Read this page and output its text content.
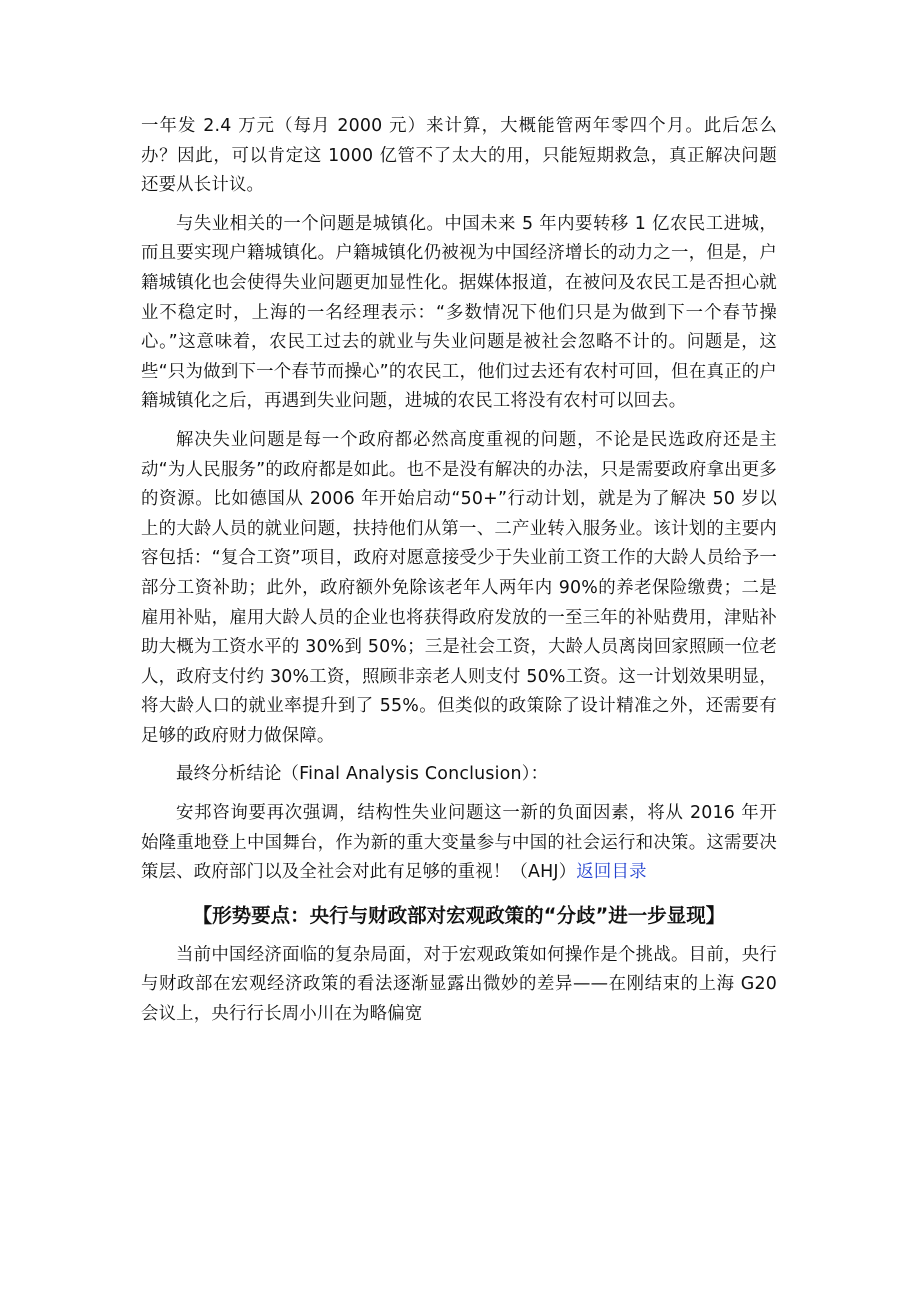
一年发 2.4 万元（每月 2000 元）来计算，大概能管两年零四个月。此后怎么办？因此，可以肯定这 1000 亿管不了太大的用，只能短期救急，真正解决问题还要从长计议。

与失业相关的一个问题是城镇化。中国未来 5 年内要转移 1 亿农民工进城，而且要实现户籍城镇化。户籍城镇化仍被视为中国经济增长的动力之一，但是，户籍城镇化也会使得失业问题更加显性化。据媒体报道，在被问及农民工是否担心就业不稳定时，上海的一名经理表示：“多数情况下他们只是为做到下一个春节操心。”这意味着，农民工过去的就业与失业问题是被社会忽略不计的。问题是，这些“只为做到下一个春节而操心”的农民工，他们过去还有农村可回，但在真正的户籍城镇化之后，再遇到失业问题，进城的农民工将没有农村可以回去。

解决失业问题是每一个政府都必然高度重视的问题，不论是民选政府还是主动“为人民服务”的政府都是如此。也不是没有解决的办法，只是需要政府拿出更多的资源。比如德国从 2006 年开始启动“50+”行动计划，就是为了解决 50 岁以上的大龄人员的就业问题，扶持他们从第一、二产业转入服务业。该计划的主要内容包括：“复合工资”项目，政府对愿意接受少于失业前工资工作的大龄人员给予一部分工资补助；此外，政府额外免除该老年人两年内 90%的养老保险缴费；二是雇用补贴，雇用大龄人员的企业也将获得政府发放的一至三年的补贴费用，津贴补助大概为工资水平的 30%到 50%；三是社会工资，大龄人员离岗回家照顾一位老人，政府支付约 30%工资，照顾非亲老人则支付 50%工资。这一计划效果明显，将大龄人口的就业率提升到了 55%。但类似的政策除了设计精准之外，还需要有足够的政府财力做保障。

最终分析结论（Final Analysis Conclusion）：

安邦咨询要再次强调，结构性失业问题这一新的负面因素，将从 2016 年开始隆重地登上中国舞台，作为新的重大变量参与中国的社会运行和决策。这需要决策层、政府部门以及全社会对此有足够的重视！（AHJ）返回目录

【形势要点：央行与财政部对宏观政策的“分歧”进一步显现】

当前中国经济面临的复杂局面，对于宏观政策如何操作是个挑战。目前，央行与财政部在宏观经济政策的看法逐渐显露出微妙的差异——在刚结束的上海 G20 会议上，央行行长周小川在为略偏宽
